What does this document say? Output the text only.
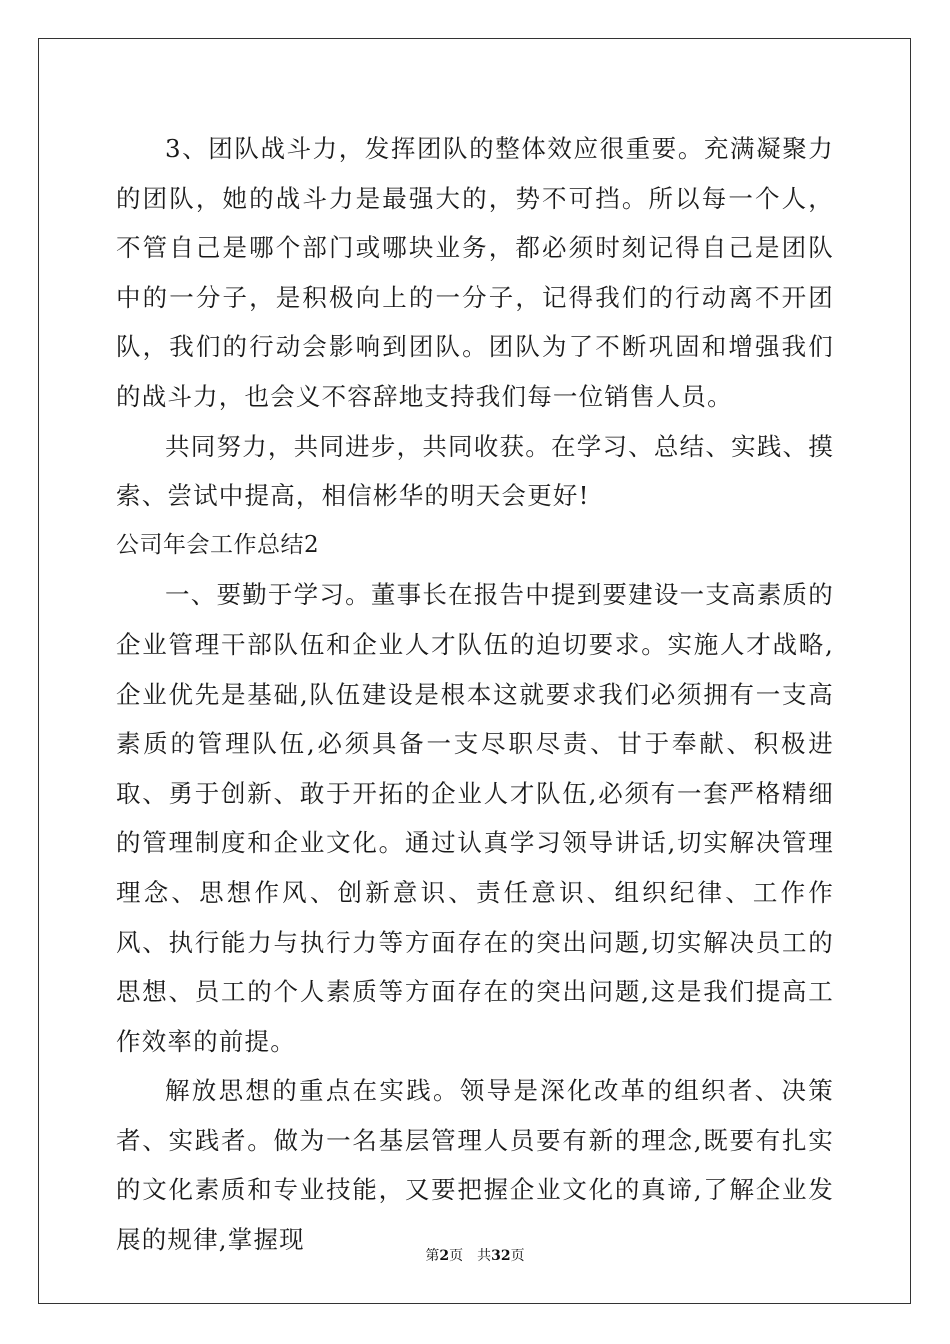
3、团队战斗力，发挥团队的整体效应很重要。充满凝聚力的团队，她的战斗力是最强大的，势不可挡。所以每一个人，不管自己是哪个部门或哪块业务，都必须时刻记得自己是团队中的一分子，是积极向上的一分子，记得我们的行动离不开团队，我们的行动会影响到团队。团队为了不断巩固和增强我们的战斗力，也会义不容辞地支持我们每一位销售人员。

共同努力，共同进步，共同收获。在学习、总结、实践、摸索、尝试中提高，相信彬华的明天会更好!

公司年会工作总结2

一、要勤于学习。董事长在报告中提到要建设一支高素质的企业管理干部队伍和企业人才队伍的迫切要求。实施人才战略,企业优先是基础,队伍建设是根本这就要求我们必须拥有一支高素质的管理队伍,必须具备一支尽职尽责、甘于奉献、积极进取、勇于创新、敢于开拓的企业人才队伍,必须有一套严格精细的管理制度和企业文化。通过认真学习领导讲话,切实解决管理理念、思想作风、创新意识、责任意识、组织纪律、工作作风、执行能力与执行力等方面存在的突出问题,切实解决员工的思想、员工的个人素质等方面存在的突出问题,这是我们提高工作效率的前提。

解放思想的重点在实践。领导是深化改革的组织者、决策者、实践者。做为一名基层管理人员要有新的理念,既要有扎实的文化素质和专业技能，又要把握企业文化的真谛,了解企业发展的规律,掌握现

第2页 共32页
